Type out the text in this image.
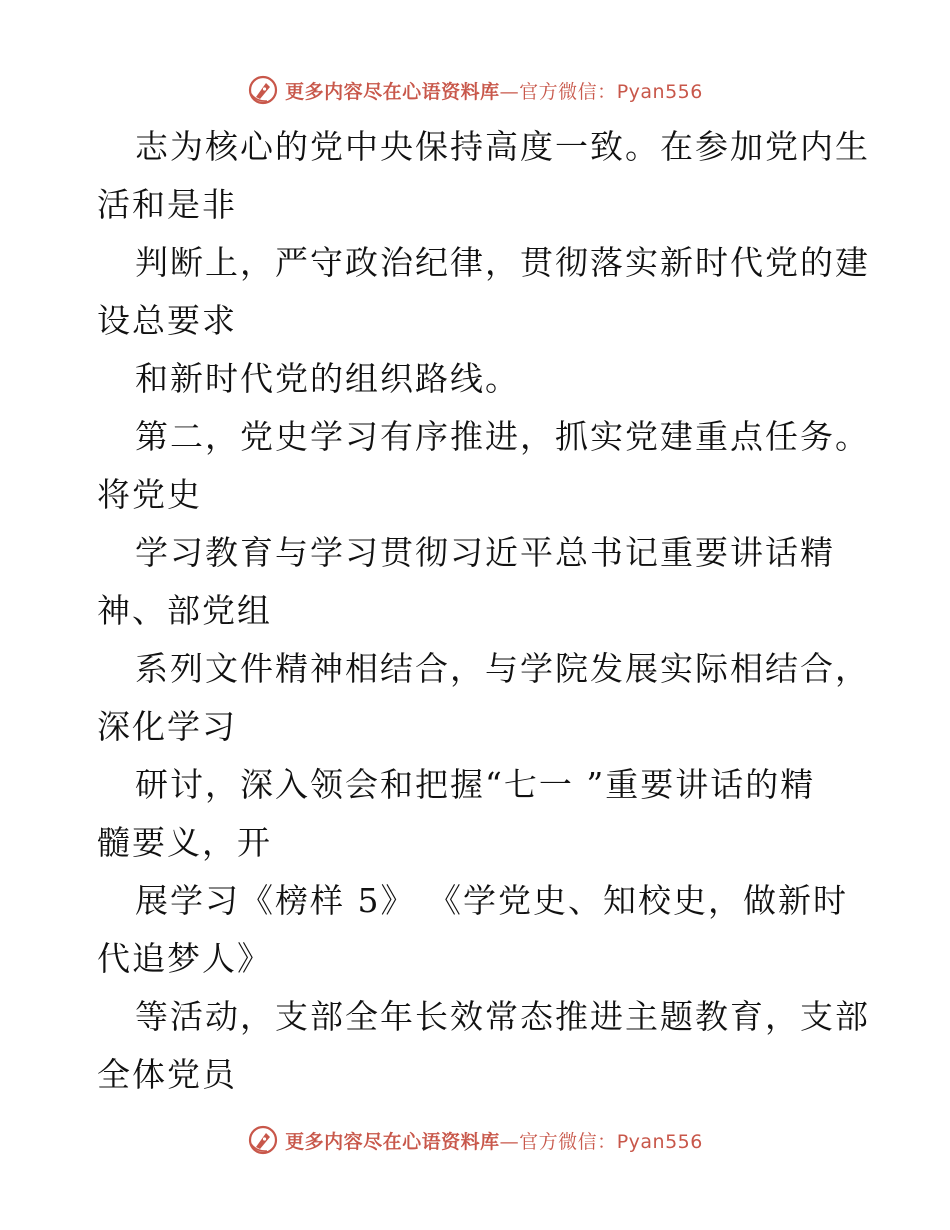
更多内容尽在心语资料库—官方微信：Pyan556

志为核心的党中央保持高度一致。在参加党内生

活和是非

判断上，严守政治纪律，贯彻落实新时代党的建

设总要求

和新时代党的组织路线。

第二，党史学习有序推进，抓实党建重点任务。

将党史

学习教育与学习贯彻习近平总书记重要讲话精

神、部党组

系列文件精神相结合，与学院发展实际相结合，

深化学习

研讨，深入领会和把握“七一 ”重要讲话的精

髓要义，开

展学习《榜样 5》 《学党史、知校史，做新时

代追梦人》

等活动，支部全年长效常态推进主题教育，支部

全体党员

更多内容尽在心语资料库—官方微信：Pyan556
